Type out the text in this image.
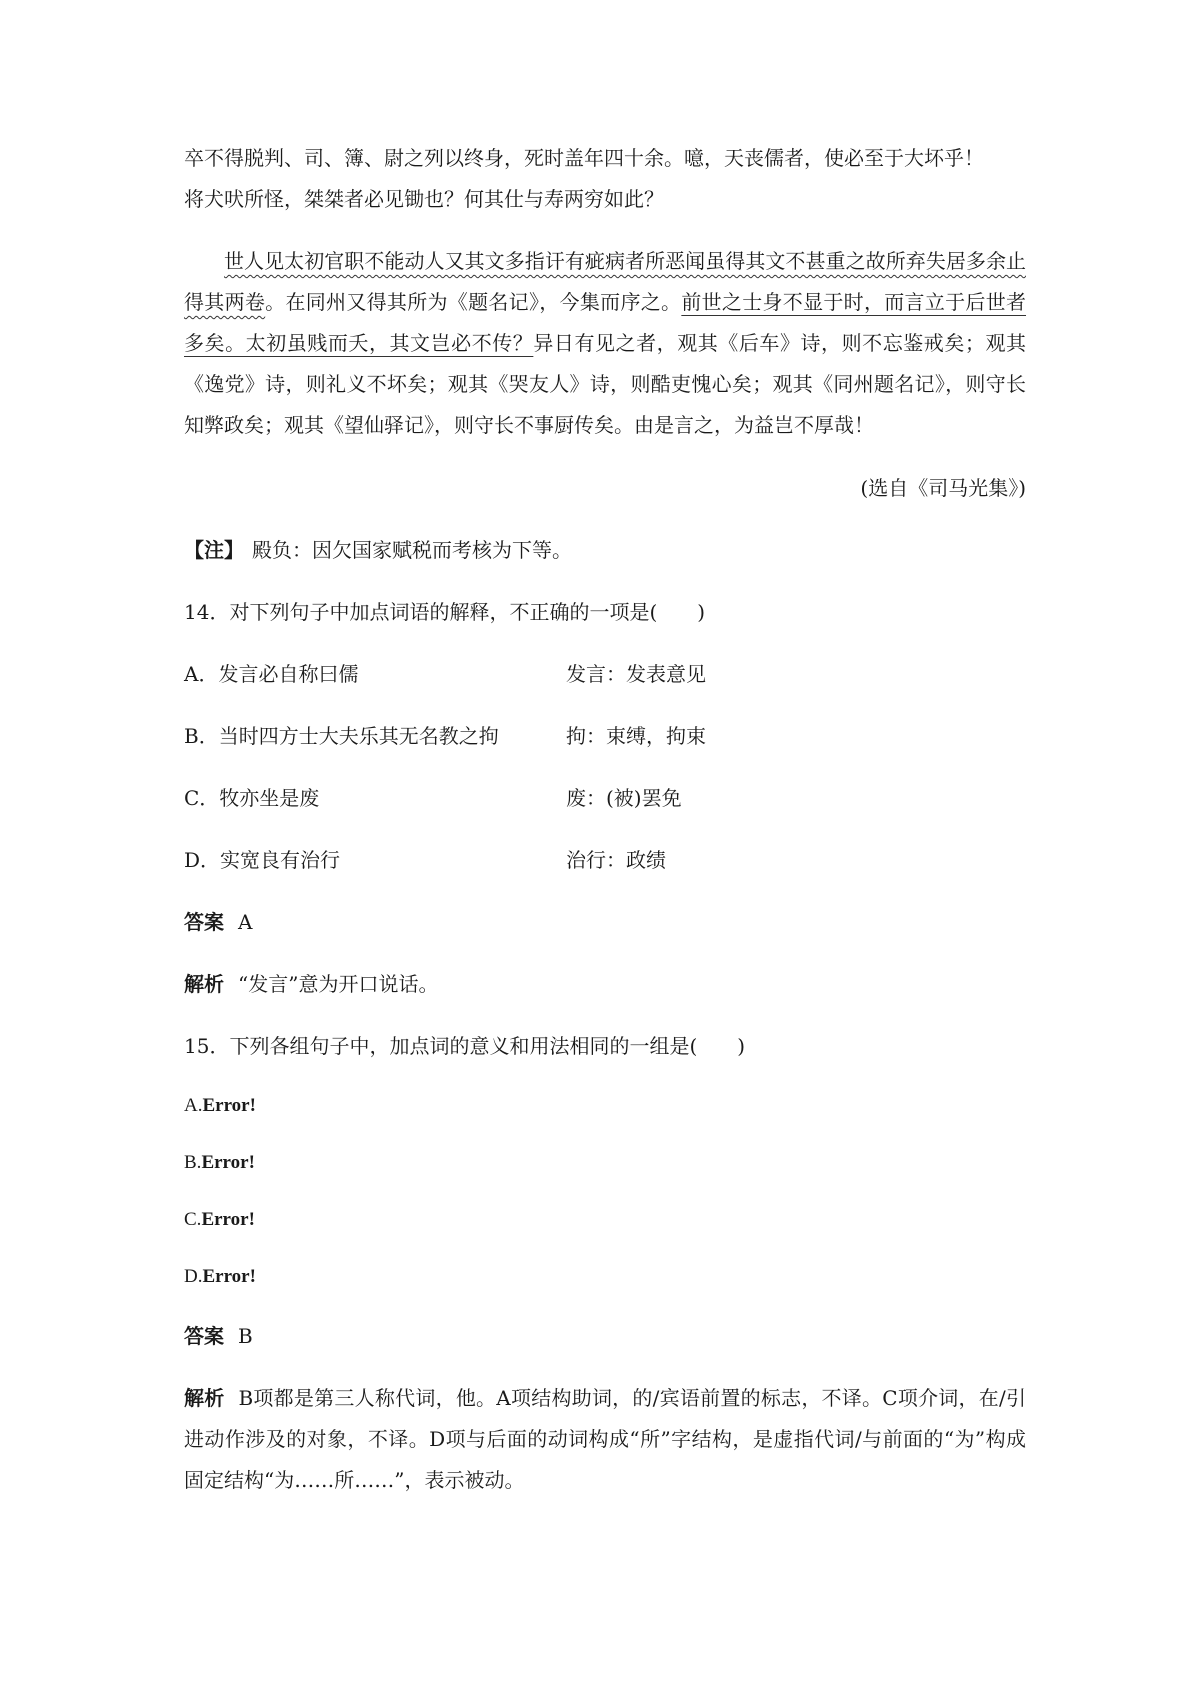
卒不得脱判、司、簿、尉之列以终身，死时盖年四十余。噫，天丧儒者，使必至于大坏乎！
将犬吠所怪，桀桀者必见锄也？何其仕与寿两穷如此？

世人见太初官职不能动人又其文多指讦有疵病者所恶闻虽得其文不甚重之故所弃失居多余止得其两卷。在同州又得其所为《题名记》，今集而序之。前世之士身不显于时，而言立于后世者多矣。太初虽贱而夭，其文岂必不传？异日有见之者，观其《后车》诗，则不忘鉴戒矣；观其《逸党》诗，则礼义不坏矣；观其《哭友人》诗，则酷吏愧心矣；观其《同州题名记》，则守长知弊政矣；观其《望仙驿记》，则守长不事厨传矣。由是言之，为益岂不厚哉！

(选自《司马光集》)

【注】 殿负：因欠国家赋税而考核为下等。

14．对下列句子中加点词语的解释，不正确的一项是(　　)

A．发言必自称曰儒	发言：发表意见
B．当时四方士大夫乐其无名教之拘	拘：束缚，拘束
C．牧亦坐是废	废：(被)罢免
D．实宽良有治行	治行：政绩

答案 A

解析 “发言”意为开口说话。

15．下列各组句子中，加点词的意义和用法相同的一组是(　　)

A.Error!
B.Error!
C.Error!
D.Error!

答案 B

解析 B项都是第三人称代词，他。A项结构助词，的/宾语前置的标志，不译。C项介词，在/引进动作涉及的对象，不译。D项与后面的动词构成“所”字结构，是虚指代词/与前面的“为”构成固定结构“为……所……”，表示被动。
